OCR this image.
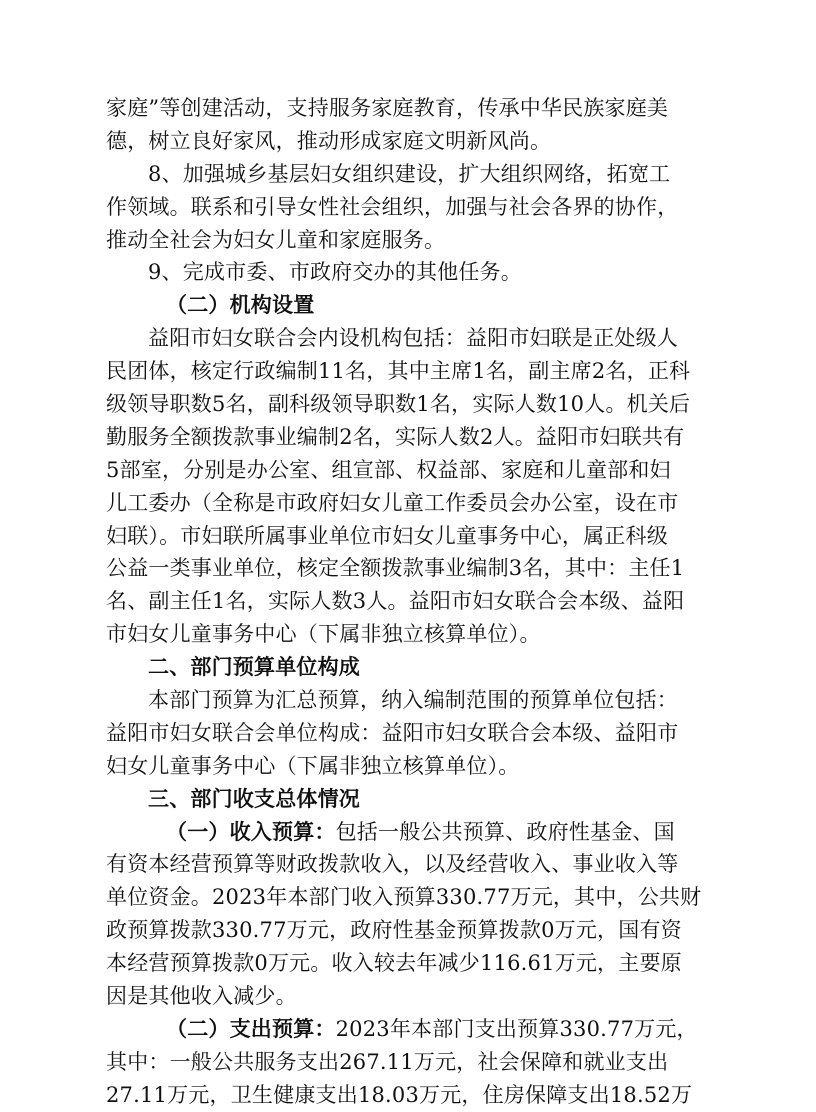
家庭”等创建活动，支持服务家庭教育，传承中华民族家庭美
德，树立良好家风，推动形成家庭文明新风尚。
8、加强城乡基层妇女组织建设，扩大组织网络，拓宽工
作领域。联系和引导女性社会组织，加强与社会各界的协作，
推动全社会为妇女儿童和家庭服务。
9、完成市委、市政府交办的其他任务。
（二）机构设置
益阳市妇女联合会内设机构包括：益阳市妇联是正处级人
民团体，核定行政编制11名，其中主席1名，副主席2名，正科
级领导职数5名，副科级领导职数1名，实际人数10人。机关后
勤服务全额拨款事业编制2名，实际人数2人。益阳市妇联共有
5部室，分别是办公室、组宣部、权益部、家庭和儿童部和妇
儿工委办（全称是市政府妇女儿童工作委员会办公室，设在市
妇联）。市妇联所属事业单位市妇女儿童事务中心，属正科级
公益一类事业单位，核定全额拨款事业编制3名，其中：主任1
名、副主任1名，实际人数3人。益阳市妇女联合会本级、益阳
市妇女儿童事务中心（下属非独立核算单位）。
二、部门预算单位构成
本部门预算为汇总预算，纳入编制范围的预算单位包括：
益阳市妇女联合会单位构成：益阳市妇女联合会本级、益阳市
妇女儿童事务中心（下属非独立核算单位）。
三、部门收支总体情况
（一）收入预算：包括一般公共预算、政府性基金、国
有资本经营预算等财政拨款收入，以及经营收入、事业收入等
单位资金。2023年本部门收入预算330.77万元，其中，公共财
政预算拨款330.77万元，政府性基金预算拨款0万元，国有资
本经营预算拨款0万元。收入较去年减少116.61万元，主要原
因是其他收入减少。
（二）支出预算：2023年本部门支出预算330.77万元，
其中：一般公共服务支出267.11万元，社会保障和就业支出
27.11万元，卫生健康支出18.03万元，住房保障支出18.52万
